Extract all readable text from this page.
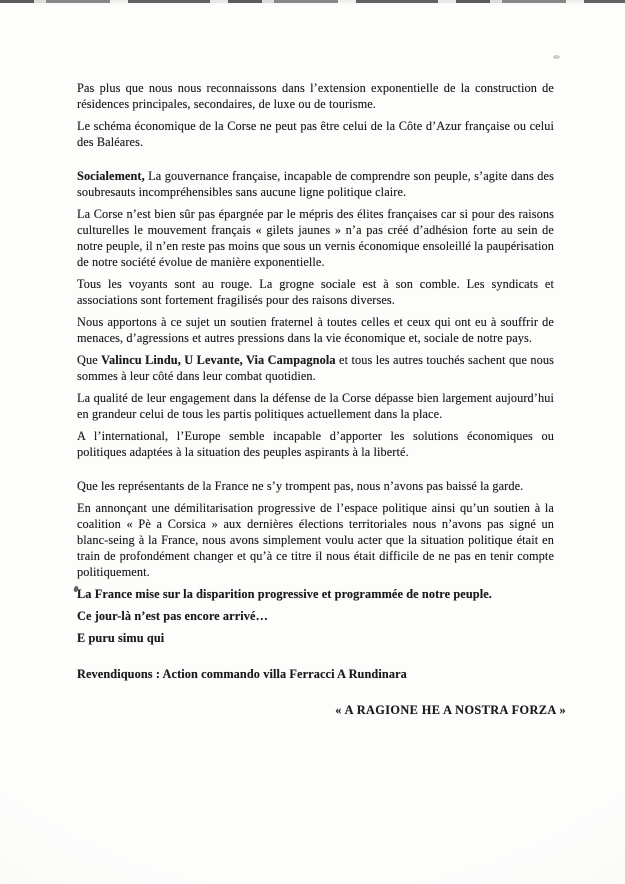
Pas plus que nous nous reconnaissons dans l’extension exponentielle de la construction de résidences principales, secondaires, de luxe ou de tourisme.

Le schéma économique de la Corse ne peut pas être celui de la Côte d’Azur française ou celui des Baléares.

Socialement, La gouvernance française, incapable de comprendre son peuple, s’agite dans des soubresauts incompréhensibles sans aucune ligne politique claire.

La Corse n’est bien sûr pas épargnée par le mépris des élites françaises car si pour des raisons culturelles le mouvement français « gilets jaunes » n’a pas créé d’adhésion forte au sein de notre peuple, il n’en reste pas moins que sous un vernis économique ensoleillé la paupérisation de notre société évolue de manière exponentielle.

Tous les voyants sont au rouge. La grogne sociale est à son comble. Les syndicats et associations sont fortement fragilisés pour des raisons diverses.

Nous apportons à ce sujet un soutien fraternel à toutes celles et ceux qui ont eu à souffrir de menaces, d’agressions et autres pressions dans la vie économique et, sociale de notre pays.

Que Valincu Lindu, U Levante, Via Campagnola et tous les autres touchés sachent que nous sommes à leur côté dans leur combat quotidien.

La qualité de leur engagement dans la défense de la Corse dépasse bien largement aujourd’hui en grandeur celui de tous les partis politiques actuellement dans la place.

A l’international, l’Europe semble incapable d’apporter les solutions économiques ou politiques adaptées à la situation des peuples aspirants à la liberté.

Que les représentants de la France ne s’y trompent pas, nous n’avons pas baissé la garde.

En annonçant une démilitarisation progressive de l’espace politique ainsi qu’un soutien à la coalition « Pè a Corsica » aux dernières élections territoriales nous n’avons pas signé un blanc-seing à la France, nous avons simplement voulu acter que la situation politique était en train de profondément changer et qu’à ce titre il nous était difficile de ne pas en tenir compte politiquement.

La France mise sur la disparition progressive et programmée de notre peuple.

Ce jour-là n’est pas encore arrivé…

E puru simu qui

Revendiquons : Action commando villa Ferracci A Rundinara

« A RAGIONE HE A NOSTRA FORZA »
